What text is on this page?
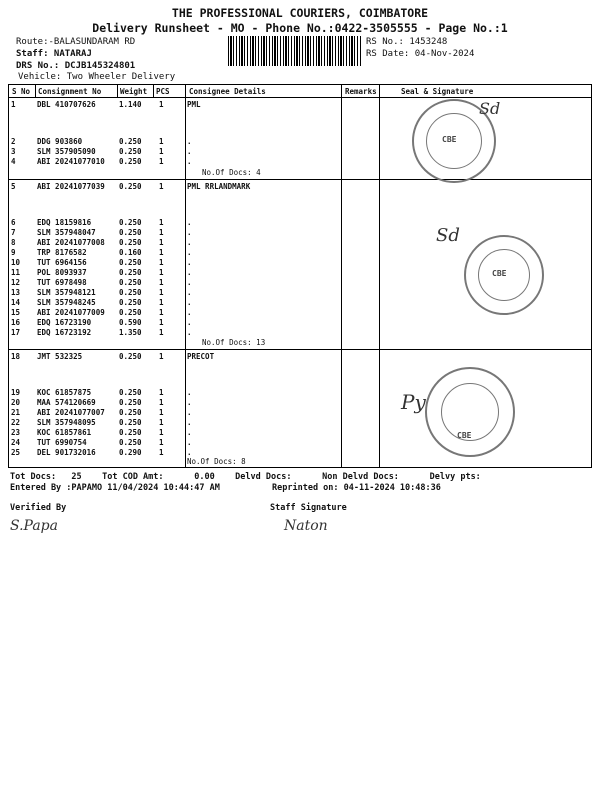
THE PROFESSIONAL COURIERS, COIMBATORE
Delivery Runsheet - MO - Phone No.:0422-3505555 - Page No.:1
Route:-BALASUNDARAM RD
Staff: NATARAJ
DRS No.: DCJB145324801
Vehicle: Two Wheeler Delivery
RS No.: 1453248
RS Date: 04-Nov-2024
S No Consignment No	Weight PCS	Consignee Details	Remarks	Seal & Signature
1	DBL 410707626	1.140 1	PML
2	DDG 903860	0.250 1	.
3	SLM 357905090	0.250 1	.
4	ABI 20241077010 0.250 1	.
No.Of Docs: 4
CBE
Sd
5	ABI 20241077039 0.250 1	PML RRLANDMARK
6	EDQ 18159816	0.250 1	.
7	SLM 357948047	0.250 1	.
8	ABI 20241077008 0.250 1	.
9	TRP 8176582	0.160 1	.
10 TUT 6964156	0.250 1	.
11 POL 8093937	0.250 1	.
12 TUT 6978498	0.250 1	.
13 SLM 357948121	0.250 1	.
14 SLM 357948245	0.250 1	.
15 ABI 20241077009 0.250 1	.
16 EDQ 16723190	0.590 1	.
17 EDQ 16723192	1.350 1	.
No.Of Docs: 13
CBE
Sd
18 JMT 532325	0.250 1	PRECOT
19 KOC 61857875	0.250 1	.
20 MAA 574120669	0.250 1	.
21 ABI 20241077007 0.250 1	.
22 SLM 357948095	0.250 1	.
23 KOC 61857861	0.250 1	.
24 TUT 6990754	0.250 1	.
25 DEL 901732016	0.290 1	.
No.Of Docs: 8
CBE
Py
Tot Docs:   25    Tot COD Amt:      0.00    Delvd Docs:      Non Delvd Docs:      Delvy pts:
Entered By :PAPAMO 11/04/2024 10:44:47 AM	Reprinted on: 04-11-2024 10:48:36
Verified By	Staff Signature
S.Papa	Naton
